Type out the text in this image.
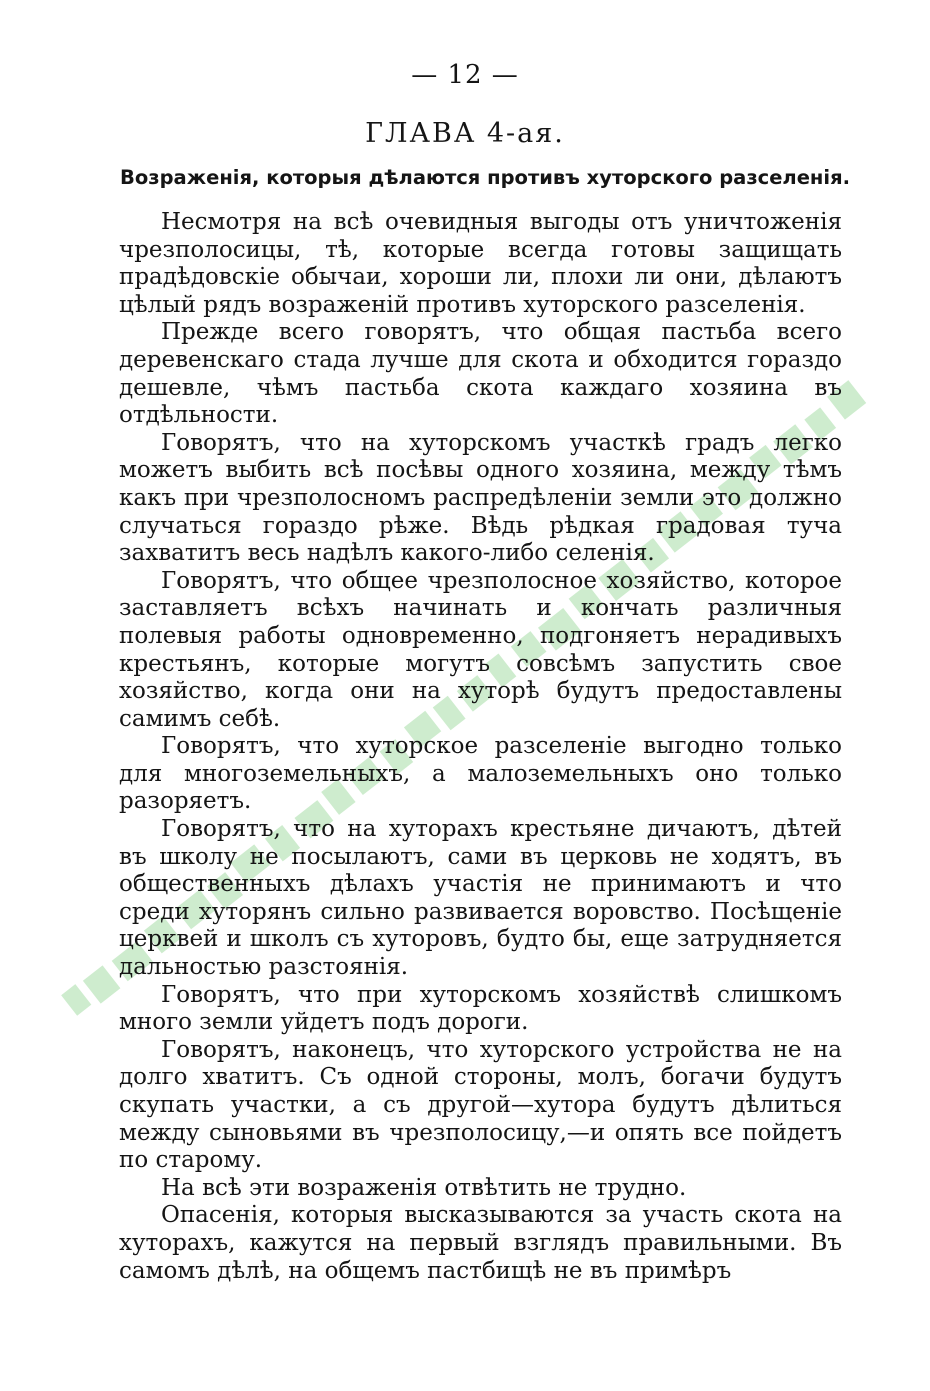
— 12 —
ГЛАВА 4-ая.
Возраженія, которыя дѣлаются противъ хуторского разселенія.

Несмотря на всѣ очевидныя выгоды отъ уничтоженія чрезполосицы, тѣ, которые всегда готовы защищать прадѣдовскіе обычаи, хороши ли, плохи ли они, дѣлаютъ цѣлый рядъ возраженій противъ хуторского разселенія.

Прежде всего говорятъ, что общая пастьба всего деревенскаго стада лучше для скота и обходится гораздо дешевле, чѣмъ пастьба скота каждаго хозяина въ отдѣльности.

Говорятъ, что на хуторскомъ участкѣ градъ легко можетъ выбить всѣ посѣвы одного хозяина, между тѣмъ какъ при чрезполосномъ распредѣленіи земли это должно случаться гораздо рѣже. Вѣдь рѣдкая градовая туча захватитъ весь надѣлъ какого-либо селенія.

Говорятъ, что общее чрезполосное хозяйство, которое заставляетъ всѣхъ начинать и кончать различныя полевыя работы одновременно, подгоняетъ нерадивыхъ крестьянъ, которые могутъ совсѣмъ запустить свое хозяйство, когда они на хуторѣ будутъ предоставлены самимъ себѣ.

Говорятъ, что хуторское разселеніе выгодно только для многоземельныхъ, а малоземельныхъ оно только разоряетъ.

Говорятъ, что на хуторахъ крестьяне дичаютъ, дѣтей въ школу не посылаютъ, сами въ церковь не ходятъ, въ общественныхъ дѣлахъ участія не принимаютъ и что среди хуторянъ сильно развивается воровство. Посѣщеніе церквей и школъ съ хуторовъ, будто бы, еще затрудняется дальностью разстоянія.

Говорятъ, что при хуторскомъ хозяйствѣ слишкомъ много земли уйдетъ подъ дороги.

Говорятъ, наконецъ, что хуторского устройства не на долго хватитъ. Съ одной стороны, молъ, богачи будутъ скупать участки, а съ другой—хутора будутъ дѣлиться между сыновьями въ чрезполосицу,—и опять все пойдетъ по старому.

На всѣ эти возраженія отвѣтить не трудно.

Опасенія, которыя высказываются за участь скота на хуторахъ, кажутся на первый взглядъ правильными. Въ самомъ дѣлѣ, на общемъ пастбищѣ не въ примѣръ
